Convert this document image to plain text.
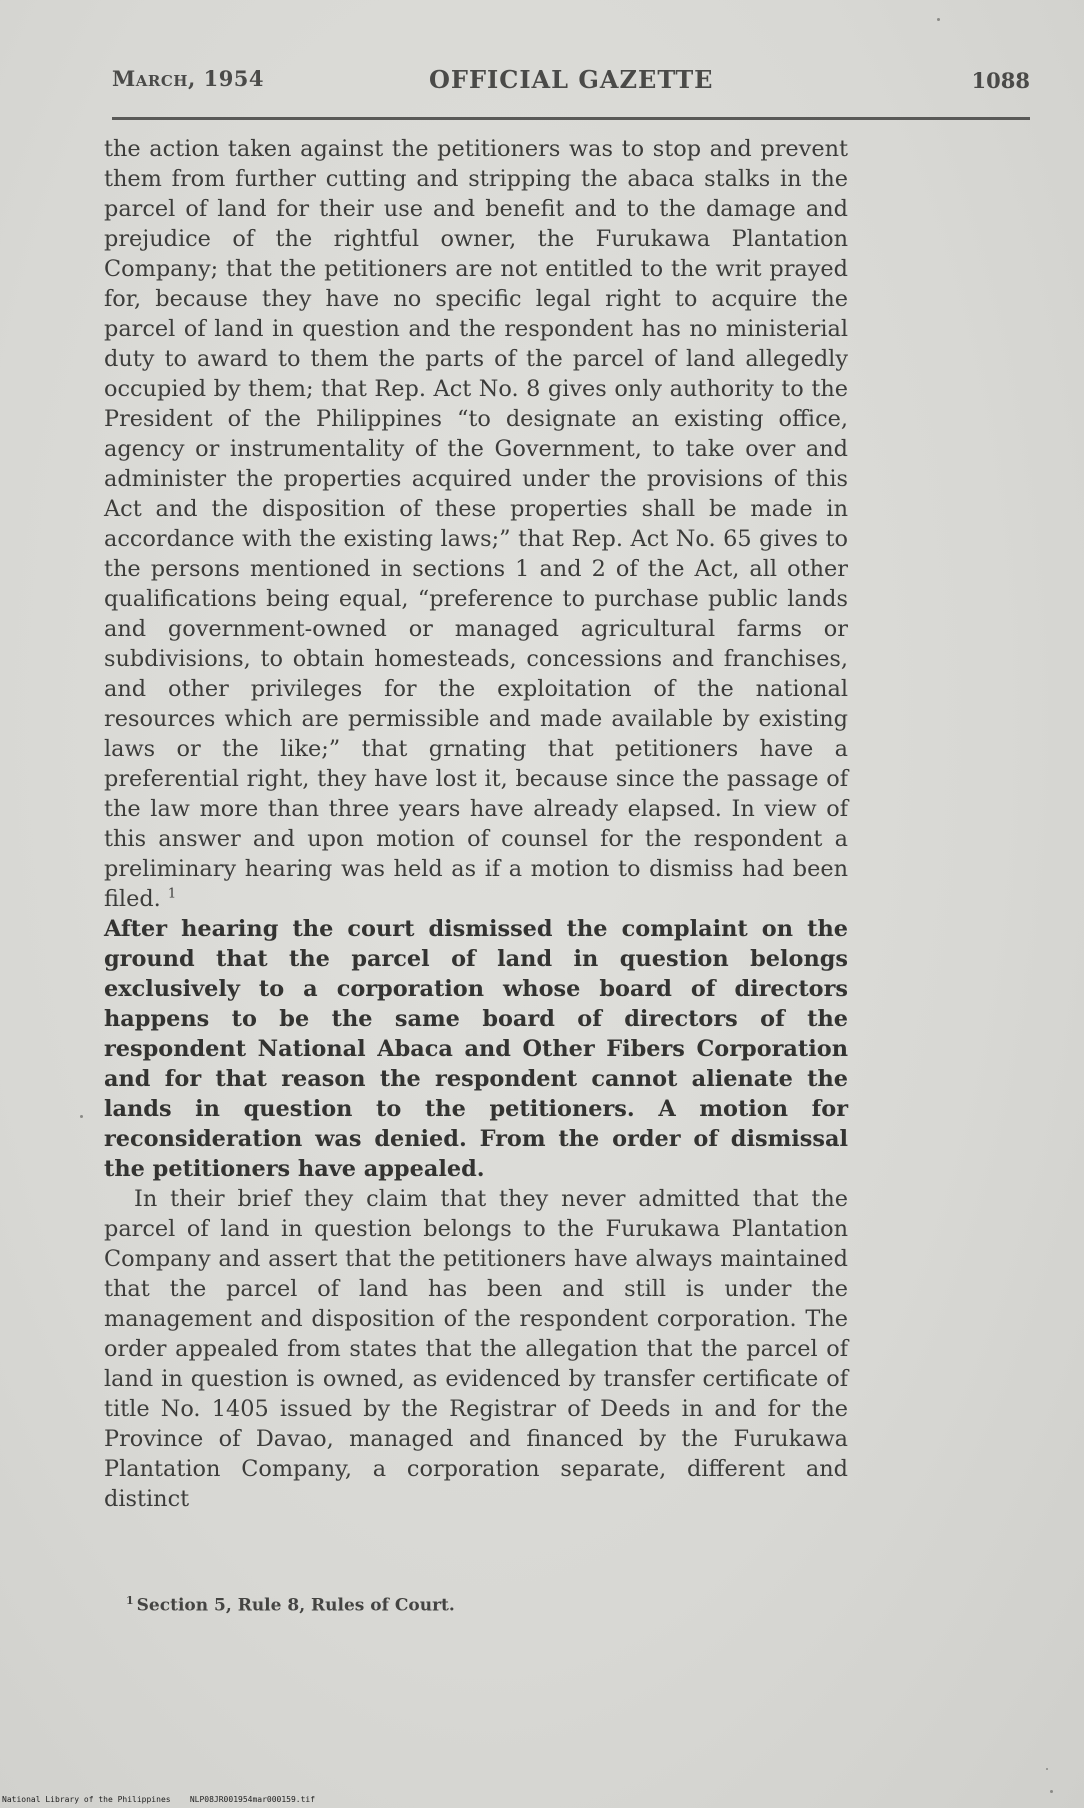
March, 1954	OFFICIAL GAZETTE	1088

the action taken against the petitioners was to stop and prevent them from further cutting and stripping the abaca stalks in the parcel of land for their use and benefit and to the damage and prejudice of the rightful owner, the Furukawa Plantation Company; that the petitioners are not entitled to the writ prayed for, because they have no specific legal right to acquire the parcel of land in question and the respondent has no ministerial duty to award to them the parts of the parcel of land allegedly occupied by them; that Rep. Act No. 8 gives only authority to the President of the Philippines “to designate an existing office, agency or instrumentality of the Government, to take over and administer the properties acquired under the provisions of this Act and the disposition of these properties shall be made in accordance with the existing laws;” that Rep. Act No. 65 gives to the persons mentioned in sections 1 and 2 of the Act, all other qualifications being equal, “preference to purchase public lands and government-owned or managed agricultural farms or subdivisions, to obtain homesteads, concessions and franchises, and other privileges for the exploitation of the national resources which are permissible and made available by existing laws or the like;” that grnating that petitioners have a preferential right, they have lost it, because since the passage of the law more than three years have already elapsed. In view of this answer and upon motion of counsel for the respondent a preliminary hearing was held as if a motion to dismiss had been filed. $^1$

After hearing the court dismissed the complaint on the ground that the parcel of land in question belongs exclusively to a corporation whose board of directors happens to be the same board of directors of the respondent National Abaca and Other Fibers Corporation and for that reason the respondent cannot alienate the lands in question to the petitioners. A motion for reconsideration was denied. From the order of dismissal the petitioners have appealed.

In their brief they claim that they never admitted that the parcel of land in question belongs to the Furukawa Plantation Company and assert that the petitioners have always maintained that the parcel of land has been and still is under the management and disposition of the respondent corporation. The order appealed from states that the allegation that the parcel of land in question is owned, as evidenced by transfer certificate of title No. 1405 issued by the Registrar of Deeds in and for the Province of Davao, managed and financed by the Furukawa Plantation Company, a corporation separate, different and distinct

$^1$ Section 5, Rule 8, Rules of Court.
National Library of the Philippines    NLP08JR001954mar000159.tif
